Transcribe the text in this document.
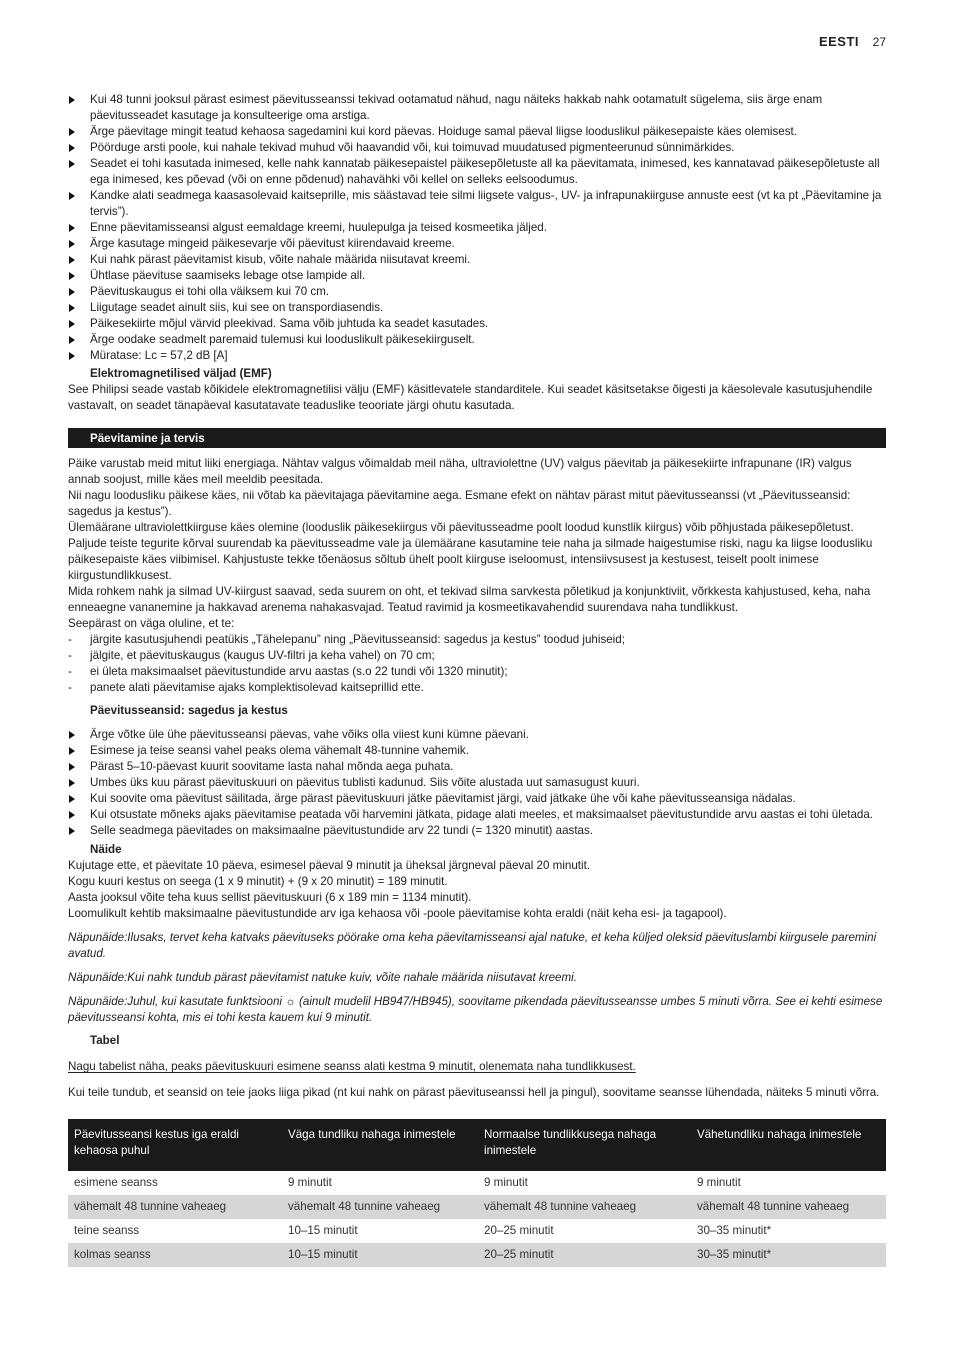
EESTI 27
Kui 48 tunni jooksul pärast esimest päevitusseanssi tekivad ootamatud nähud, nagu näiteks hakkab nahk ootamatult sügelema, siis ärge enam päevitusseadet kasutage ja konsulteerige oma arstiga.
Ärge päevitage mingit teatud kehaosa sagedamini kui kord päevas. Hoiduge samal päeval liigse looduslikul päikesepaiste käes olemisest.
Pöörduge arsti poole, kui nahale tekivad muhud või haavandid või, kui toimuvad muudatused pigmenteerunud sünnimärkides.
Seadet ei tohi kasutada inimesed, kelle nahk kannatab päikesepaistel päikesepõletuste all ka päevitamata, inimesed, kes kannatavad päikesepõletuste all ega inimesed, kes põevad (või on enne põdenud) nahavähki või kellel on selleks eelsoodumus.
Kandke alati seadmega kaasasolevaid kaitseprille, mis säästavad teie silmi liigsete valgus-, UV- ja infrapunakiirguse annuste eest (vt ka pt „Päevitamine ja tervis”).
Enne päevitamisseansi algust eemaldage kreemi, huulepulga ja teised kosmeetika jäljed.
Ärge kasutage mingeid päikesevarje või päevitust kiirendavaid kreeme.
Kui nahk pärast päevitamist kisub, võite nahale määrida niisutavat kreemi.
Ühtlase päevituse saamiseks lebage otse lampide all.
Päevituskaugus ei tohi olla väiksem kui 70 cm.
Liigutage seadet ainult siis, kui see on transpordiasendis.
Päikesekiirte mõjul värvid pleekivad. Sama võib juhtuda ka seadet kasutades.
Ärge oodake seadmelt paremaid tulemusi kui looduslikult päikesekiirguselt.
Müratase: Lc = 57,2 dB [A]
Elektromagnetilised väljad (EMF)

See Philipsi seade vastab kõikidele elektromagnetilisi välju (EMF) käsitlevatele standarditele. Kui seadet käsitsetakse õigesti ja käesolevale kasutusjuhendile vastavalt, on seadet tänapäeval kasutatavate teaduslike teooriate järgi ohutu kasutada.

Päevitamine ja tervis

Päike varustab meid mitut liiki energiaga. Nähtav valgus võimaldab meil näha, ultraviolettne (UV) valgus päevitab ja päikesekiirte infrapunane (IR) valgus annab soojust, mille käes meil meeldib peesitada.

Nii nagu loodusliku päikese käes, nii võtab ka päevitajaga päevitamine aega. Esmane efekt on nähtav pärast mitut päevitusseanssi (vt „Päevitusseansid: sagedus ja kestus”).

Ülemäärane ultraviolettkiirguse käes olemine (looduslik päikesekiirgus või päevitusseadme poolt loodud kunstlik kiirgus) võib põhjustada päikesepõletust.

Paljude teiste tegurite kõrval suurendab ka päevitusseadme vale ja ülemäärane kasutamine teie naha ja silmade haigestumise riski, nagu ka liigse loodusliku päikesepaiste käes viibimisel. Kahjustuste tekke tõenäosus sõltub ühelt poolt kiirguse iseloomust, intensiivsusest ja kestusest, teiselt poolt inimese kiirgustundlikkusest.

Mida rohkem nahk ja silmad UV-kiirgust saavad, seda suurem on oht, et tekivad silma sarvkesta põletikud ja konjunktiviit, võrkkesta kahjustused, keha, naha enneaegne vananemine ja hakkavad arenema nahakasvajad. Teatud ravimid ja kosmeetikavahendid suurendava naha tundlikkust.

Seepärast on väga oluline, et te:

- järgite kasutusjuhendi peatükis „Tähelepanu” ning „Päevitusseansid: sagedus ja kestus” toodud juhiseid;
- jälgite, et päevituskaugus (kaugus UV-filtri ja keha vahel) on 70 cm;
- ei ületa maksimaalset päevitustundide arvu aastas (s.o 22 tundi või 1320 minutit);
- panete alati päevitamise ajaks komplektisolevad kaitseprillid ette.
Päevitusseansid: sagedus ja kestus
Ärge võtke üle ühe päevitusseansi päevas, vahe võiks olla viiest kuni kümne päevani.
Esimese ja teise seansi vahel peaks olema vähemalt 48-tunnine vahemik.
Pärast 5–10-päevast kuurit soovitame lasta nahal mõnda aega puhata.
Umbes üks kuu pärast päevituskuuri on päevitus tublisti kadunud. Siis võite alustada uut samasugust kuuri.
Kui soovite oma päevitust säilitada, ärge pärast päevituskuuri jätke päevitamist järgi, vaid jätkake ühe või kahe päevitusseansiga nädalas.
Kui otsustate mõneks ajaks päevitamise peatada või harvemini jätkata, pidage alati meeles, et maksimaalset päevitustundide arvu aastas ei tohi ületada.
Selle seadmega päevitades on maksimaalne päevitustundide arv 22 tundi (= 1320 minutit) aastas.
Näide

Kujutage ette, et päevitate 10 päeva, esimesel päeval 9 minutit ja üheksal järgneval päeval 20 minutit.

Kogu kuuri kestus on seega (1 x 9 minutit) + (9 x 20 minutit) = 189 minutit.

Aasta jooksul võite teha kuus sellist päevituskuuri (6 x 189 min = 1134 minutit).

Loomulikult kehtib maksimaalne päevitustundide arv iga kehaosa või -poole päevitamise kohta eraldi (näit keha esi- ja tagapool).

Näpunäide:Ilusaks, tervet keha katvaks päevituseks pöörake oma keha päevitamisseansi ajal natuke, et keha küljed oleksid päevituslambi kiirgusele paremini avatud.

Näpunäide:Kui nahk tundub pärast päevitamist natuke kuiv, võite nahale määrida niisutavat kreemi.

Näpunäide:Juhul, kui kasutate funktsiooni ☼ (ainult mudelil HB947/HB945), soovitame pikendada päevitusseansse umbes 5 minuti võrra. See ei kehti esimese päevitusseansi kohta, mis ei tohi kesta kauem kui 9 minutit.

Tabel

Nagu tabelist näha, peaks päevituskuuri esimene seanss alati kestma 9 minutit, olenemata naha tundlikkusest.

Kui teile tundub, et seansid on teie jaoks liiga pikad (nt kui nahk on pärast päevituseanssi hell ja pingul), soovitame seansse lühendada, näiteks 5 minuti võrra.

Päevitusseansi kestus iga eraldi kehaosa puhul	Väga tundliku nahaga inimestele	Normaalse tundlikkusega nahaga inimestele	Vähetundliku nahaga inimestele
esimene seanss	9 minutit	9 minutit	9 minutit
vähemalt 48 tunnine vaheaeg	vähemalt 48 tunnine vaheaeg	vähemalt 48 tunnine vaheaeg	vähemalt 48 tunnine vaheaeg
teine seanss	10–15 minutit	20–25 minutit	30–35 minutit*
kolmas seanss	10–15 minutit	20–25 minutit	30–35 minutit*
